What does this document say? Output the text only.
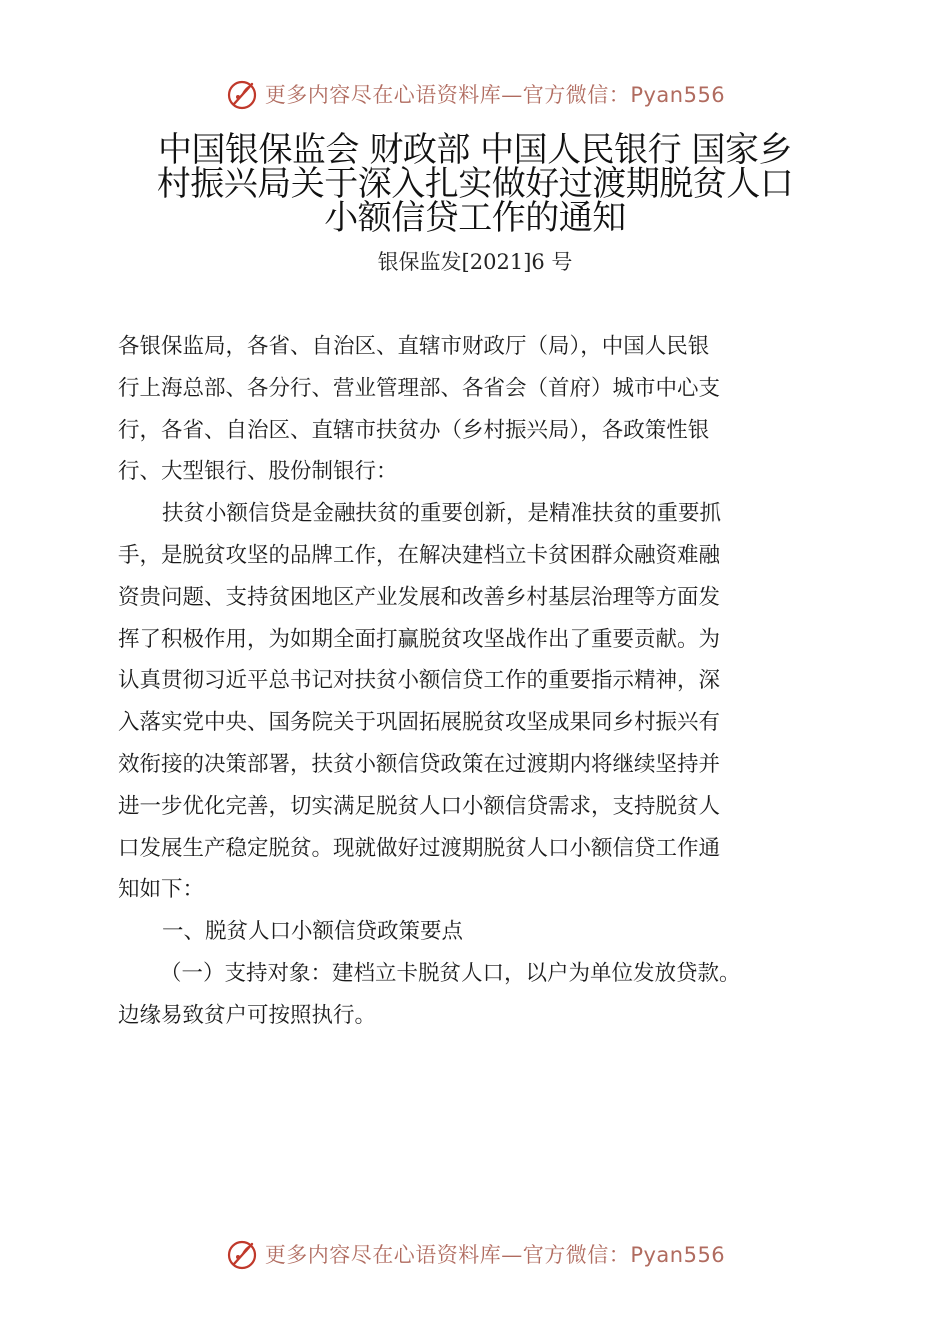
更多内容尽在心语资料库—官方微信：Pyan556
中国银保监会 财政部 中国人民银行 国家乡
村振兴局关于深入扎实做好过渡期脱贫人口
小额信贷工作的通知
银保监发[2021]6 号

各银保监局，各省、自治区、直辖市财政厅（局），中国人民银
行上海总部、各分行、营业管理部、各省会（首府）城市中心支
行，各省、自治区、直辖市扶贫办（乡村振兴局），各政策性银
行、大型银行、股份制银行：

扶贫小额信贷是金融扶贫的重要创新，是精准扶贫的重要抓
手，是脱贫攻坚的品牌工作，在解决建档立卡贫困群众融资难融
资贵问题、支持贫困地区产业发展和改善乡村基层治理等方面发
挥了积极作用，为如期全面打赢脱贫攻坚战作出了重要贡献。为
认真贯彻习近平总书记对扶贫小额信贷工作的重要指示精神，深
入落实党中央、国务院关于巩固拓展脱贫攻坚成果同乡村振兴有
效衔接的决策部署，扶贫小额信贷政策在过渡期内将继续坚持并
进一步优化完善，切实满足脱贫人口小额信贷需求，支持脱贫人
口发展生产稳定脱贫。现就做好过渡期脱贫人口小额信贷工作通
知如下：

一、脱贫人口小额信贷政策要点

（一）支持对象：建档立卡脱贫人口，以户为单位发放贷款。
边缘易致贫户可按照执行。

更多内容尽在心语资料库—官方微信：Pyan556
